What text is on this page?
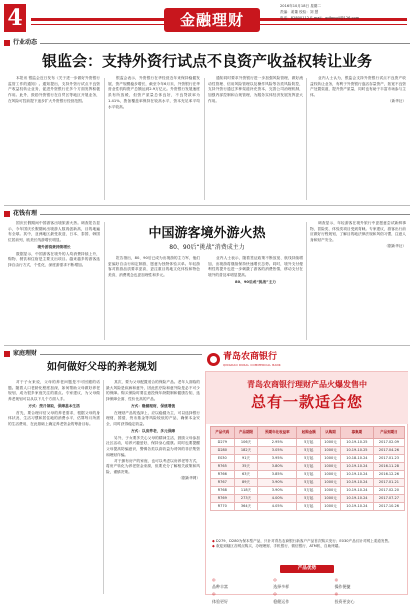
4	金融理财
2016年10月18日 星期二
责编：姜董 校检：刘 慧
电话：82800112 E-mail：qdfang4@126.com
行业动态
银监会：支持外资行试点不良资产收益权转让业务

本报讯 银监会近日发布《关于进一步做好外资银行监管工作的通知》。通知提出，支持外资行试点不良资产收益权转让业务，促进外资银行在多个方面发挥积极作用。此外，鼓励外资银行在自贸区等地区开展业务，在风险可控前提下逐步扩大外资银行经营范围。

银监会表示，外资银行在华经营近年来保持稳健发展，资产规模稳步增长，截至今年6月末，外资银行在华营业性机构资产总额达到2.9万亿元。外资银行发展速度虽有所放缓，但资产质量总体良好，不良贷款率为1.41%，拨备覆盖率保持在较高水平，资本充足率平均水平较高。

通知同时要求外资银行进一步加强风险管理，做好流动性管理、信用风险管理以及操作风险等各类风险防控，支持外资行通过多种渠道补充资本，完善公司治理机制，加强内部控制和合规管理，为服务实体经济发展发挥更大作用。

业内人士认为，银监会支持外资银行试点不良资产收益权转让业务，有利于外资银行盘活存量资产，拓宽不良资产处置渠道，提升资产质量，同时也有助于丰富市场参与主体。

（新华社）
花钱有理
中国游客境外游火热
80、90后“挑战”消费成主力

国庆长假期间中国游客出境旅游火热。调查报告显示，今年国庆长假期间出境游人数再创新高，目的地遍布全球。其中，亚洲地区最受欢迎，日本、泰国、韩国位居前列，欧美长线游增长明显。

境外游消费持续增长

数据显示，中国游客在境外的人均消费持续上升，购物、餐饮和住宿是主要支出项目。越来越多的游客选择自由行方式，个性化、深度游需求不断增加。

报告指出，80、90后已成为出境游的主力军，他们更偏好自由行和定制游，愿意为独特体验买单。年轻游客对旅游品质要求更高，更注重目的地文化体验和特色美食，消费观念也更加理性和多元。

业内人士表示，随着签证政策不断放宽、航线持续增加，出境游将继续保持快速增长态势。同时，境外支付便利性的提升也进一步刺激了游客的消费热情，移动支付在境外的普及率明显提高。

80、90后成“挑战”主力

调查显示，年轻游客在境外旅行中更愿意尝试新鲜事物，冒险类、体验类项目受到青睐。专家建议，游客出行前应做好行程规划，了解目的地法律法规和风俗习惯，注意人身和财产安全。

（据新华社）
家庭理财
如何做好父母的养老规划

对于子女来说，父母的养老问题是不可回避的话题。随着人口老龄化程度加深，如何帮助父母做好养老规划，成为很多家庭关注的重点。专家建议，为父母做养老规划可以从以下几个方面入手。

方式：按月领取，保障基本生活

首先，要合理评估父母的养老需求，根据父母的身体状况、生活习惯和居住地的消费水平，估算每月所需的生活费用，在此基础上确定养老资金的筹备目标。

其次，要为父母配置适合的保险产品。老年人面临的最大风险是疾病和意外，因此医疗险和意外险是必不可少的保障。购买保险时要注意投保年龄限制和健康告知，选择保障全面、性价比高的产品。

方式：稳健理财，保值增值

在理财产品的选择上，应以稳健为主，可以选择银行理财、国债、货币基金等风险较低的产品，确保本金安全，同时获得稳定收益。

方式：以房养老，多元保障

另外，子女要多关心父母的精神生活，鼓励父母参加社区活动，培养兴趣爱好，保持身心健康。同时也要提醒父母提高防骗意识，警惕各类以高收益为诱饵的非法集资和理财诈骗。

对于拥有房产的家庭，也可以考虑以房养老等方式，将房产转化为养老资金来源，但要充分了解相关政策和风险，谨慎决策。

（据新华网）
青岛农商银行
QINGDAO RURAL COMMERCIAL BANK
青岛农商银行理财产品火爆发售中
总有一款适合您
产品代码	产品期限	预期年化收益率	起购金额	认购期	募集期	产品到期日
D279	106天	2.95%	5万起	1000元	10.19-10.25	2017.02.09
D280	182天	3.05%	5万起	1000元	10.19-10.25	2017.04.26
E030	91天	3.95%	5万起	1000元	10.18-10.24	2017.01.23
R765	35天	3.80%	5万起	1000元	10.19-10.24	2016.11.28
R766	63天	3.85%	5万起	1000元	10.19-10.24	2016.12.26
R767	89天	3.90%	5万起	1000元	10.19-10.24	2017.01.21
R768	118天	3.90%	5万起	1000元	10.19-10.24	2017.02.20
R769	273天	4.00%	5万起	1000元	10.19-10.24	2017.07.27
R770	364天	4.05%	5万起	1000元	10.19-10.24	2017.10.26
◆ D279、D280为保本型产品，只针对青岛农商银行新客户产品首次购买发行；E030产品仅针对网上渠道发售。
◆ 欢迎到辖区各网点购买，办理理财、手机银行、微信银行、ATM机、自助终端。
产品优势
◎ 品种丰富 ◎ 选择多样 ◎ 操作便捷 ◎ 体验更好 ◎ 稳健运作 ◎ 投资更安心
